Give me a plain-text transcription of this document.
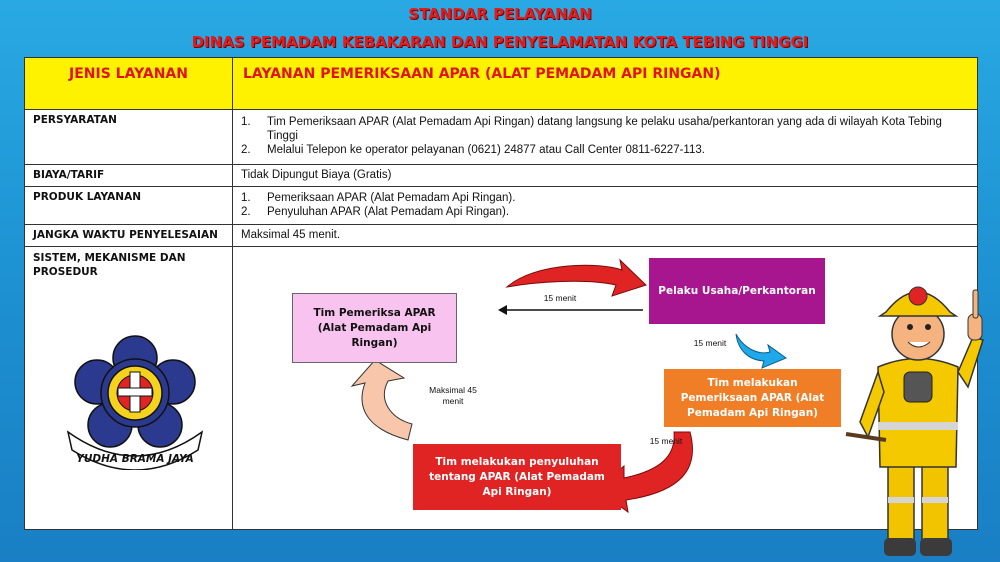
STANDAR PELAYANAN
DINAS PEMADAM KEBAKARAN DAN PENYELAMATAN KOTA TEBING TINGGI
JENIS LAYANAN	LAYANAN PEMERIKSAAN APAR (ALAT PEMADAM API RINGAN)
PERSYARATAN	1. Tim Pemeriksaan APAR (Alat Pemadam Api Ringan) datang langsung ke pelaku usaha/perkantoran yang ada di wilayah Kota Tebing Tinggi
2. Melalui Telepon ke operator pelayanan (0621) 24877 atau Call Center 0811-6227-113.
BIAYA/TARIF	Tidak Dipungut Biaya (Gratis)
PRODUK LAYANAN	1. Pemeriksaan APAR (Alat Pemadam Api Ringan).
2. Penyuluhan APAR (Alat Pemadam Api Ringan).
JANGKA WAKTU PENYELESAIAN	Maksimal 45 menit.
SISTEM, MEKANISME DAN PROSEDUR
YUDHA BRAMA JAYA
Tim Pemeriksa APAR (Alat Pemadam Api Ringan)
Pelaku Usaha/Perkantoran
Tim melakukan Pemeriksaan APAR (Alat Pemadam Api Ringan)
Tim melakukan penyuluhan tentang APAR (Alat Pemadam Api Ringan)
15 menit
15 menit
15 menit
Maksimal 45 menit
